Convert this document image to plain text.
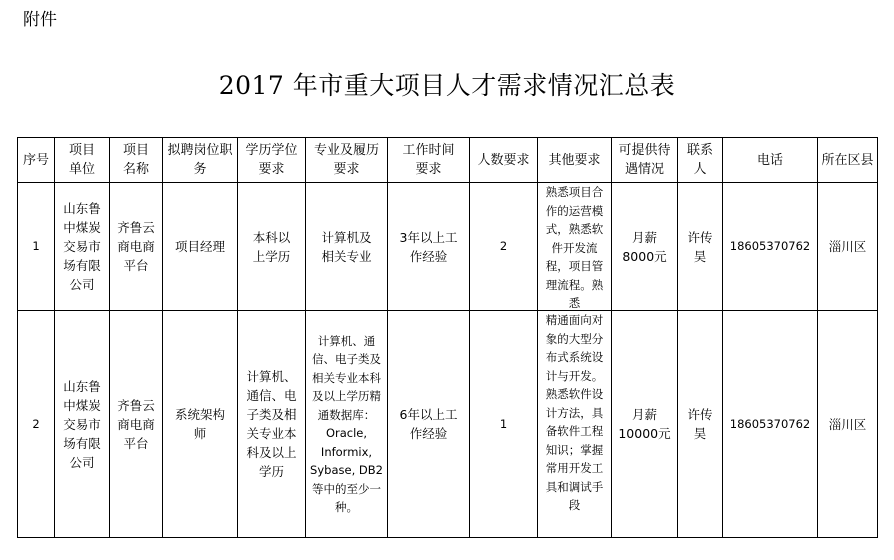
附件
2017 年市重大项目人才需求情况汇总表
序号	项目单位	项目名称	拟聘岗位职务	学历学位要求	专业及履历要求	工作时间要求	人数要求	其他要求	可提供待遇情况	联系人	电话	所在区县
1	山东鲁中煤炭交易市场有限公司	齐鲁云商电商平台	项目经理	本科以上学历	计算机及相关专业	3年以上工作经验	2	熟悉项目合作的运营模式，熟悉软件开发流程，项目管理流程。熟悉	月薪 8000元	许传昊	18605370762	淄川区
2	山东鲁中煤炭交易市场有限公司	齐鲁云商电商平台	系统架构师	计算机、通信、电子类及相关专业本科及以上学历	计算机、通信、电子类及相关专业本科及以上学历精通数据库：Oracle, Informix, Sybase, DB2 等中的至少一种。	6年以上工作经验	1	精通面向对象的大型分布式系统设计与开发。熟悉软件设计方法，具备软件工程知识；掌握常用开发工具和调试手段	月薪 10000元	许传昊	18605370762	淄川区
